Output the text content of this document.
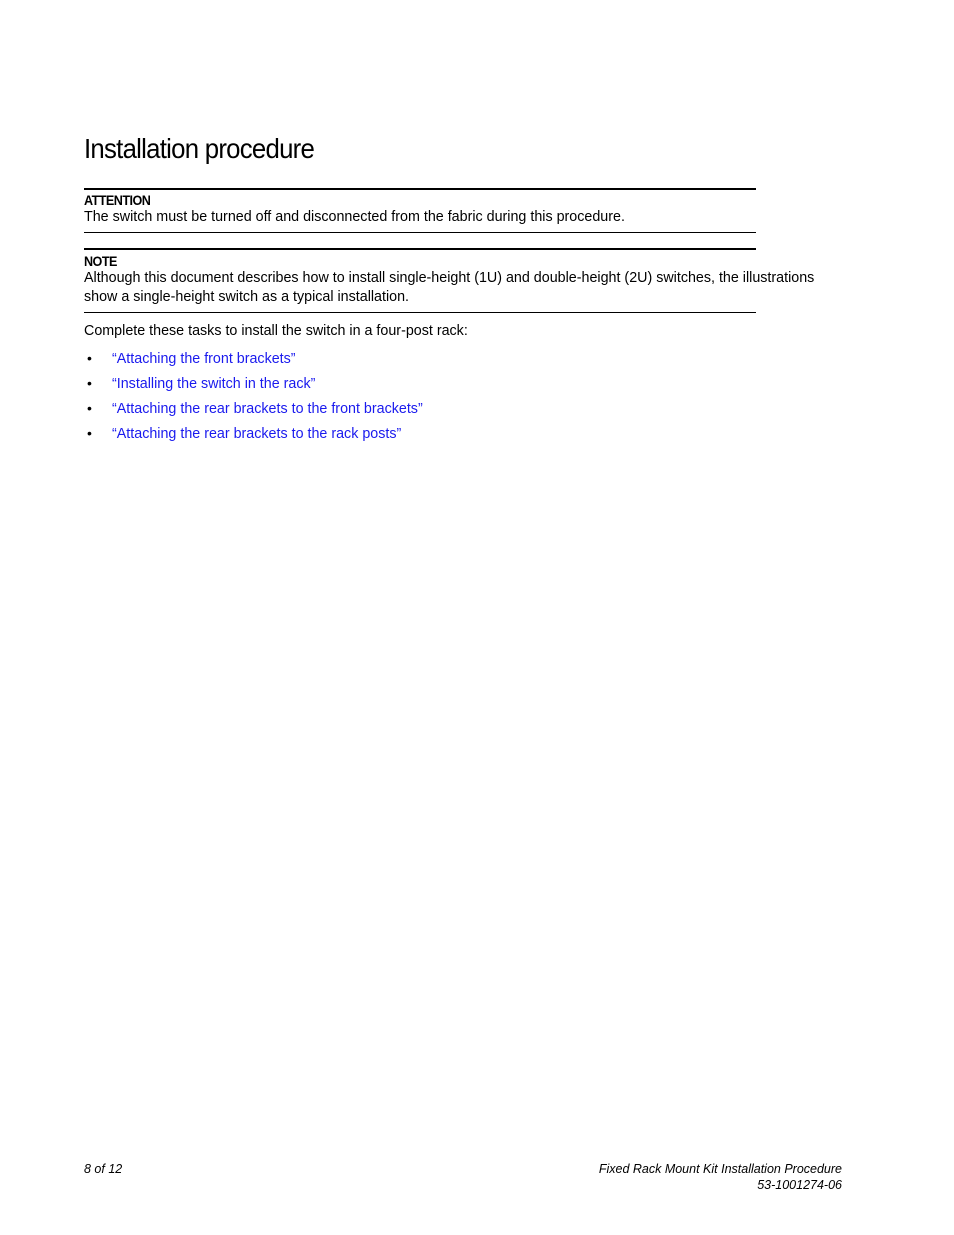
Installation procedure
ATTENTION
The switch must be turned off and disconnected from the fabric during this procedure.
NOTE
Although this document describes how to install single-height (1U) and double-height (2U) switches, the illustrations
show a single-height switch as a typical installation.
Complete these tasks to install the switch in a four-post rack:
• “Attaching the front brackets”
• “Installing the switch in the rack”
• “Attaching the rear brackets to the front brackets”
• “Attaching the rear brackets to the rack posts”
8 of 12	Fixed Rack Mount Kit Installation Procedure
53-1001274-06
